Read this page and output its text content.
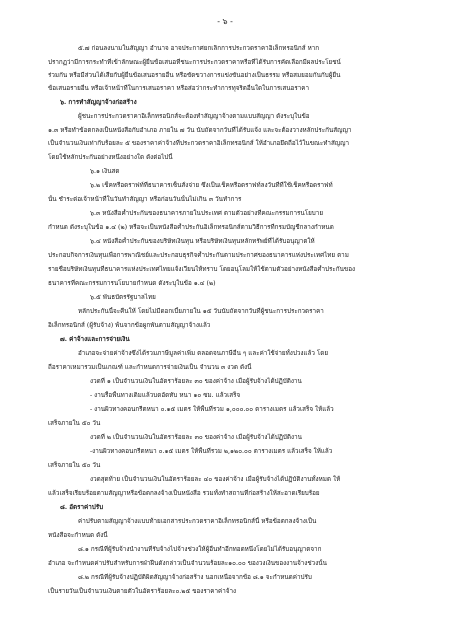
- ๖ -
๕.๗ ก่อนลงนามในสัญญา อำนาจ อาจประกาศยกเลิกการประกวดราคาอิเล็กทรอนิกส์ หาก
ปรากฏว่ามีการกระทำที่เข้าลักษณะผู้ยื่นข้อเสนอที่ชนะการประกวดราคาหรือที่ได้รับการคัดเลือกมีผลประโยชน์
ร่วมกัน หรือมีส่วนได้เสียกับผู้ยื่นข้อเสนอรายอื่น หรือขัดขวางการแข่งขันอย่างเป็นธรรม หรือสมยอมกันกับผู้ยื่น
ข้อเสนอรายอื่น หรือเจ้าหน้าที่ในการเสนอราคา หรือส่อว่ากระทำการทุจริตอื่นใดในการเสนอราคา
๖. การทำสัญญาจ้างก่อสร้าง
ผู้ชนะการประกวดราคาอิเล็กทรอนิกส์จะต้องทำสัญญาจ้างตามแบบสัญญา ดังระบุในข้อ
๑.๓ หรือทำข้อตกลงเป็นหนังสือกับอำเภอ ภายใน ๗ วัน นับถัดจากวันที่ได้รับแจ้ง และจะต้องวางหลักประกันสัญญา
เป็นจำนวนเงินเท่ากับร้อยละ ๕ ของราคาค่าจ้างที่ประกวดราคาอิเล็กทรอนิกส์ ให้อำเภอยึดถือไว้ในขณะทำสัญญา
โดยใช้หลักประกันอย่างหนึ่งอย่างใด ดังต่อไปนี้
๖.๑ เงินสด
๖.๒ เช็คหรือดราฟท์ที่ธนาคารเซ็นสั่งจ่าย ซึ่งเป็นเช็คหรือดราฟท์ลงวันที่ที่ใช้เช็คหรือดราฟท์
นั้น ชำระต่อเจ้าหน้าที่ในวันทำสัญญา หรือก่อนวันนั้นไม่เกิน ๓ วันทำการ
๖.๓ หนังสือค้ำประกันของธนาคารภายในประเทศ ตามตัวอย่างที่คณะกรรมการนโยบาย
กำหนด ดังระบุในข้อ ๑.๔ (๒) หรือจะเป็นหนังสือค้ำประกันอิเล็กทรอนิกส์ตามวิธีการที่กรมบัญชีกลางกำหนด
๖.๔ หนังสือค้ำประกันของบริษัทเงินทุน หรือบริษัทเงินทุนหลักทรัพย์ที่ได้รับอนุญาตให้
ประกอบกิจการเงินทุนเพื่อการพาณิชย์และประกอบธุรกิจค้ำประกันตามประกาศของธนาคารแห่งประเทศไทย ตาม
รายชื่อบริษัทเงินทุนที่ธนาคารแห่งประเทศไทยแจ้งเวียนให้ทราบ โดยอนุโลมให้ใช้ตามตัวอย่างหนังสือค้ำประกันของ
ธนาคารที่คณะกรรมการนโยบายกำหนด ดังระบุในข้อ ๑.๔ (๒)
๖.๕ พันธบัตรรัฐบาลไทย
หลักประกันนี้จะคืนให้ โดยไม่มีดอกเบี้ยภายใน ๑๕ วันนับถัดจากวันที่ผู้ชนะการประกวดราคา
อิเล็กทรอนิกส์ (ผู้รับจ้าง) พ้นจากข้อผูกพันตามสัญญาจ้างแล้ว
๗. ค่าจ้างและการจ่ายเงิน
อำเภอจะจ่ายค่าจ้างซึ่งได้รวมภาษีมูลค่าเพิ่ม ตลอดจนภาษีอื่น ๆ และค่าใช้จ่ายทั้งปวงแล้ว โดย
ถือราคาเหมารวมเป็นเกณฑ์ และกำหนดการจ่ายเงินเป็น จำนวน ๓ งวด ดังนี้
งวดที่ ๑ เป็นจำนวนเงินในอัตราร้อยละ ๓๐ ของค่าจ้าง เมื่อผู้รับจ้างได้ปฏิบัติงาน
- งานรื้อพื้นทางเดิมแล้วบดอัดทับ หนา ๑๐ ซม. แล้วเสร็จ
- งานผิวทางคอนกรีตหนา ๐.๑๕ เมตร ให้พื้นที่รวม ๑,๐๐๐.๐๐ ตารางเมตร แล้วเสร็จ ให้แล้ว
เสร็จภายใน ๕๐ วัน
งวดที่ ๒ เป็นจำนวนเงินในอัตราร้อยละ ๓๐ ของค่าจ้าง เมื่อผู้รับจ้างได้ปฏิบัติงาน
-งานผิวทางคอนกรีตหนา ๐.๑๕ เมตร ให้พื้นที่รวม ๒,๑๒๐.๐๐ ตารางเมตร แล้วเสร็จ ให้แล้ว
เสร็จภายใน ๕๐ วัน
งวดสุดท้าย เป็นจำนวนเงินในอัตราร้อยละ ๔๐ ของค่าจ้าง เมื่อผู้รับจ้างได้ปฏิบัติงานทั้งหมด ให้
แล้วเสร็จเรียบร้อยตามสัญญาหรือข้อตกลงจ้างเป็นหนังสือ รวมทั้งทำสถานที่ก่อสร้างให้สะอาดเรียบร้อย
๘. อัตราค่าปรับ
ค่าปรับตามสัญญาจ้างแบบท้ายเอกสารประกวดราคาอิเล็กทรอนิกส์นี้ หรือข้อตกลงจ้างเป็น
หนังสือจะกำหนด ดังนี้
๘.๑ กรณีที่ผู้รับจ้างนำงานที่รับจ้างไปจ้างช่วงให้ผู้อื่นทำอีกทอดหนึ่งโดยไม่ได้รับอนุญาตจาก
อำเภอ จะกำหนดค่าปรับสำหรับการฝ่าฝืนดังกล่าวเป็นจำนวนร้อยละ๑๐.๐๐ ของวงเงินของงานจ้างช่วงนั้น
๘.๒ กรณีที่ผู้รับจ้างปฏิบัติผิดสัญญาจ้างก่อสร้าง นอกเหนือจากข้อ ๘.๑ จะกำหนดค่าปรับ
เป็นรายวันเป็นจำนวนเงินตายตัวในอัตราร้อยละ๐.๒๕ ของราคาค่าจ้าง
